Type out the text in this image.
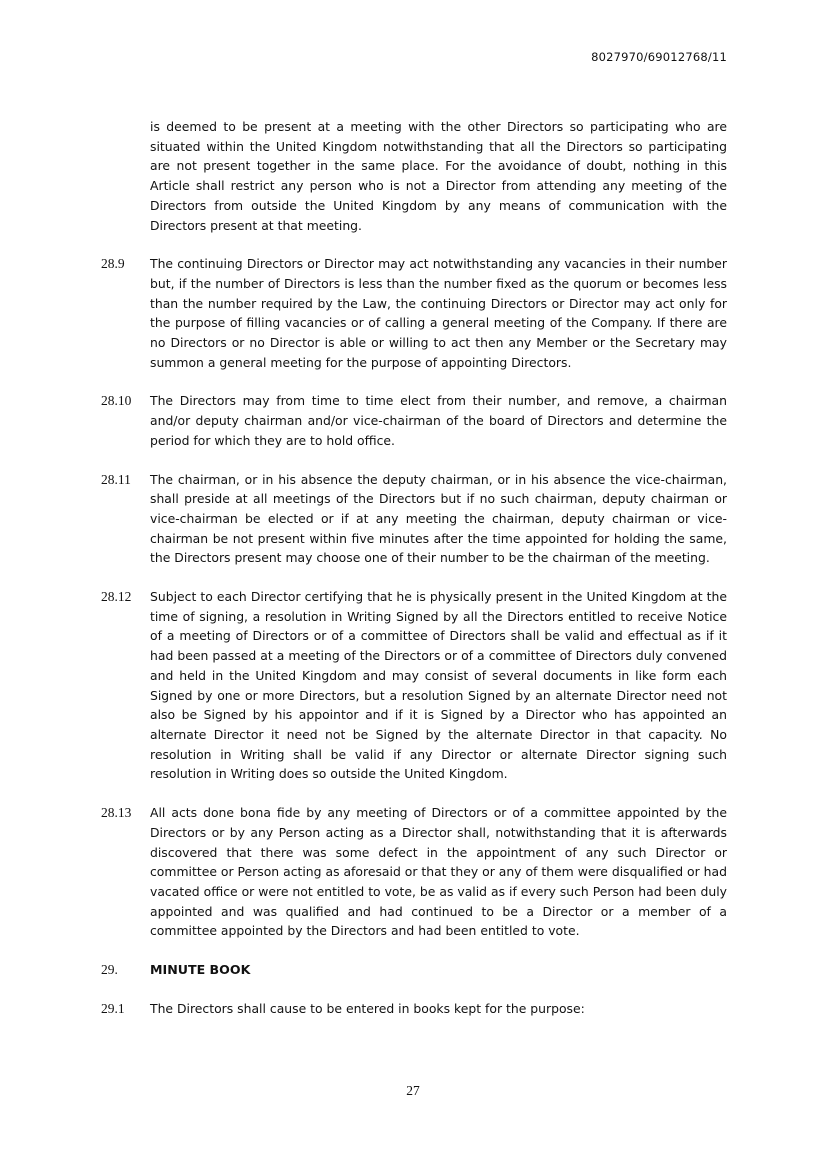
8027970/69012768/11
is deemed to be present at a meeting with the other Directors so participating who are situated within the United Kingdom notwithstanding that all the Directors so participating are not present together in the same place. For the avoidance of doubt, nothing in this Article shall restrict any person who is not a Director from attending any meeting of the Directors from outside the United Kingdom by any means of communication with the Directors present at that meeting.
28.9	The continuing Directors or Director may act notwithstanding any vacancies in their number but, if the number of Directors is less than the number fixed as the quorum or becomes less than the number required by the Law, the continuing Directors or Director may act only for the purpose of filling vacancies or of calling a general meeting of the Company. If there are no Directors or no Director is able or willing to act then any Member or the Secretary may summon a general meeting for the purpose of appointing Directors.
28.10	The Directors may from time to time elect from their number, and remove, a chairman and/or deputy chairman and/or vice-chairman of the board of Directors and determine the period for which they are to hold office.
28.11	The chairman, or in his absence the deputy chairman, or in his absence the vice-chairman, shall preside at all meetings of the Directors but if no such chairman, deputy chairman or vice-chairman be elected or if at any meeting the chairman, deputy chairman or vice-chairman be not present within five minutes after the time appointed for holding the same, the Directors present may choose one of their number to be the chairman of the meeting.
28.12	Subject to each Director certifying that he is physically present in the United Kingdom at the time of signing, a resolution in Writing Signed by all the Directors entitled to receive Notice of a meeting of Directors or of a committee of Directors shall be valid and effectual as if it had been passed at a meeting of the Directors or of a committee of Directors duly convened and held in the United Kingdom and may consist of several documents in like form each Signed by one or more Directors, but a resolution Signed by an alternate Director need not also be Signed by his appointor and if it is Signed by a Director who has appointed an alternate Director it need not be Signed by the alternate Director in that capacity. No resolution in Writing shall be valid if any Director or alternate Director signing such resolution in Writing does so outside the United Kingdom.
28.13	All acts done bona fide by any meeting of Directors or of a committee appointed by the Directors or by any Person acting as a Director shall, notwithstanding that it is afterwards discovered that there was some defect in the appointment of any such Director or committee or Person acting as aforesaid or that they or any of them were disqualified or had vacated office or were not entitled to vote, be as valid as if every such Person had been duly appointed and was qualified and had continued to be a Director or a member of a committee appointed by the Directors and had been entitled to vote.
29.	MINUTE BOOK
29.1	The Directors shall cause to be entered in books kept for the purpose:
27
